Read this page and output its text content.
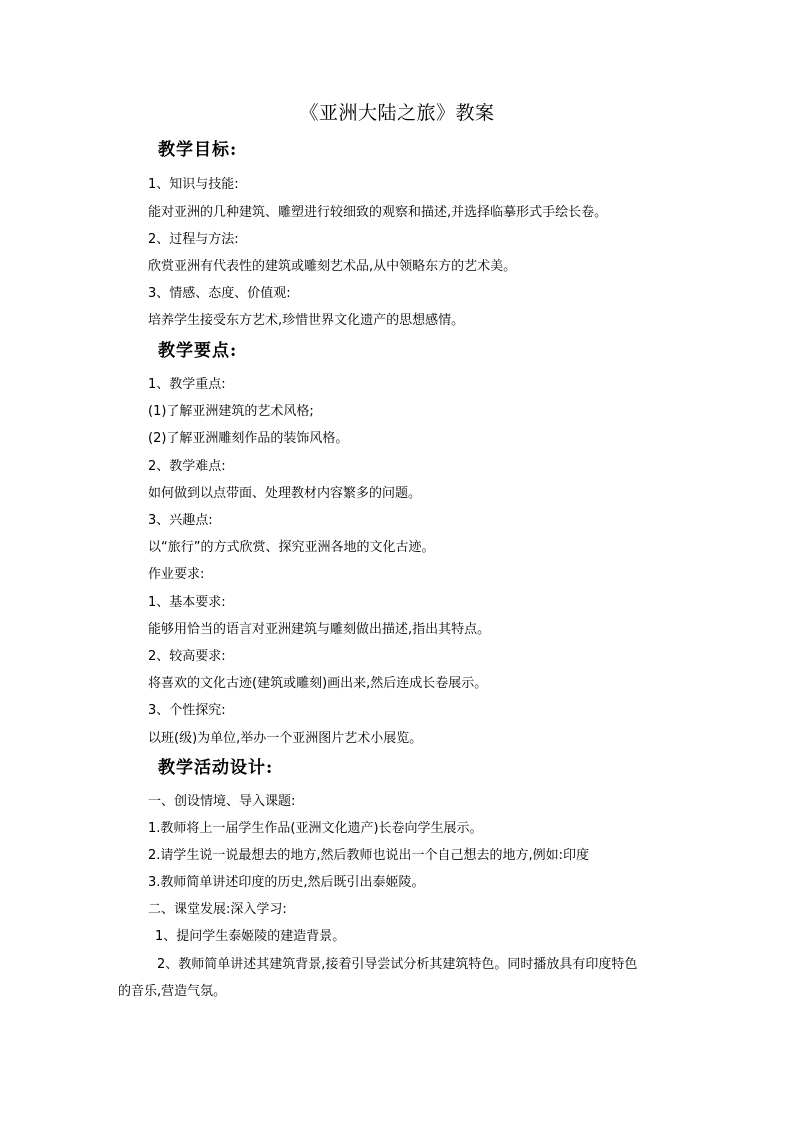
《亚洲大陆之旅》教案
教学目标:
1、知识与技能:
能对亚洲的几种建筑、雕塑进行较细致的观察和描述,并选择临摹形式手绘长卷。
2、过程与方法:
欣赏亚洲有代表性的建筑或雕刻艺术品,从中领略东方的艺术美。
3、情感、态度、价值观:
培养学生接受东方艺术,珍惜世界文化遗产的思想感情。
教学要点:
1、教学重点:
(1)了解亚洲建筑的艺术风格;
(2)了解亚洲雕刻作品的装饰风格。
2、教学难点:
如何做到以点带面、处理教材内容繁多的问题。
3、兴趣点:
以“旅行”的方式欣赏、探究亚洲各地的文化古迹。
作业要求:
1、基本要求:
能够用恰当的语言对亚洲建筑与雕刻做出描述,指出其特点。
2、较高要求:
将喜欢的文化古迹(建筑或雕刻)画出来,然后连成长卷展示。
3、个性探究:
以班(级)为单位,举办一个亚洲图片艺术小展览。
教学活动设计:
一、创设情境、导入课题:
1.教师将上一届学生作品(亚洲文化遗产)长卷向学生展示。
2.请学生说一说最想去的地方,然后教师也说出一个自己想去的地方,例如:印度
3.教师简单讲述印度的历史,然后既引出泰姬陵。
二、课堂发展:深入学习:
1、提问学生泰姬陵的建造背景。
2、教师简单讲述其建筑背景,接着引导尝试分析其建筑特色。同时播放具有印度特色
的音乐,营造气氛。
